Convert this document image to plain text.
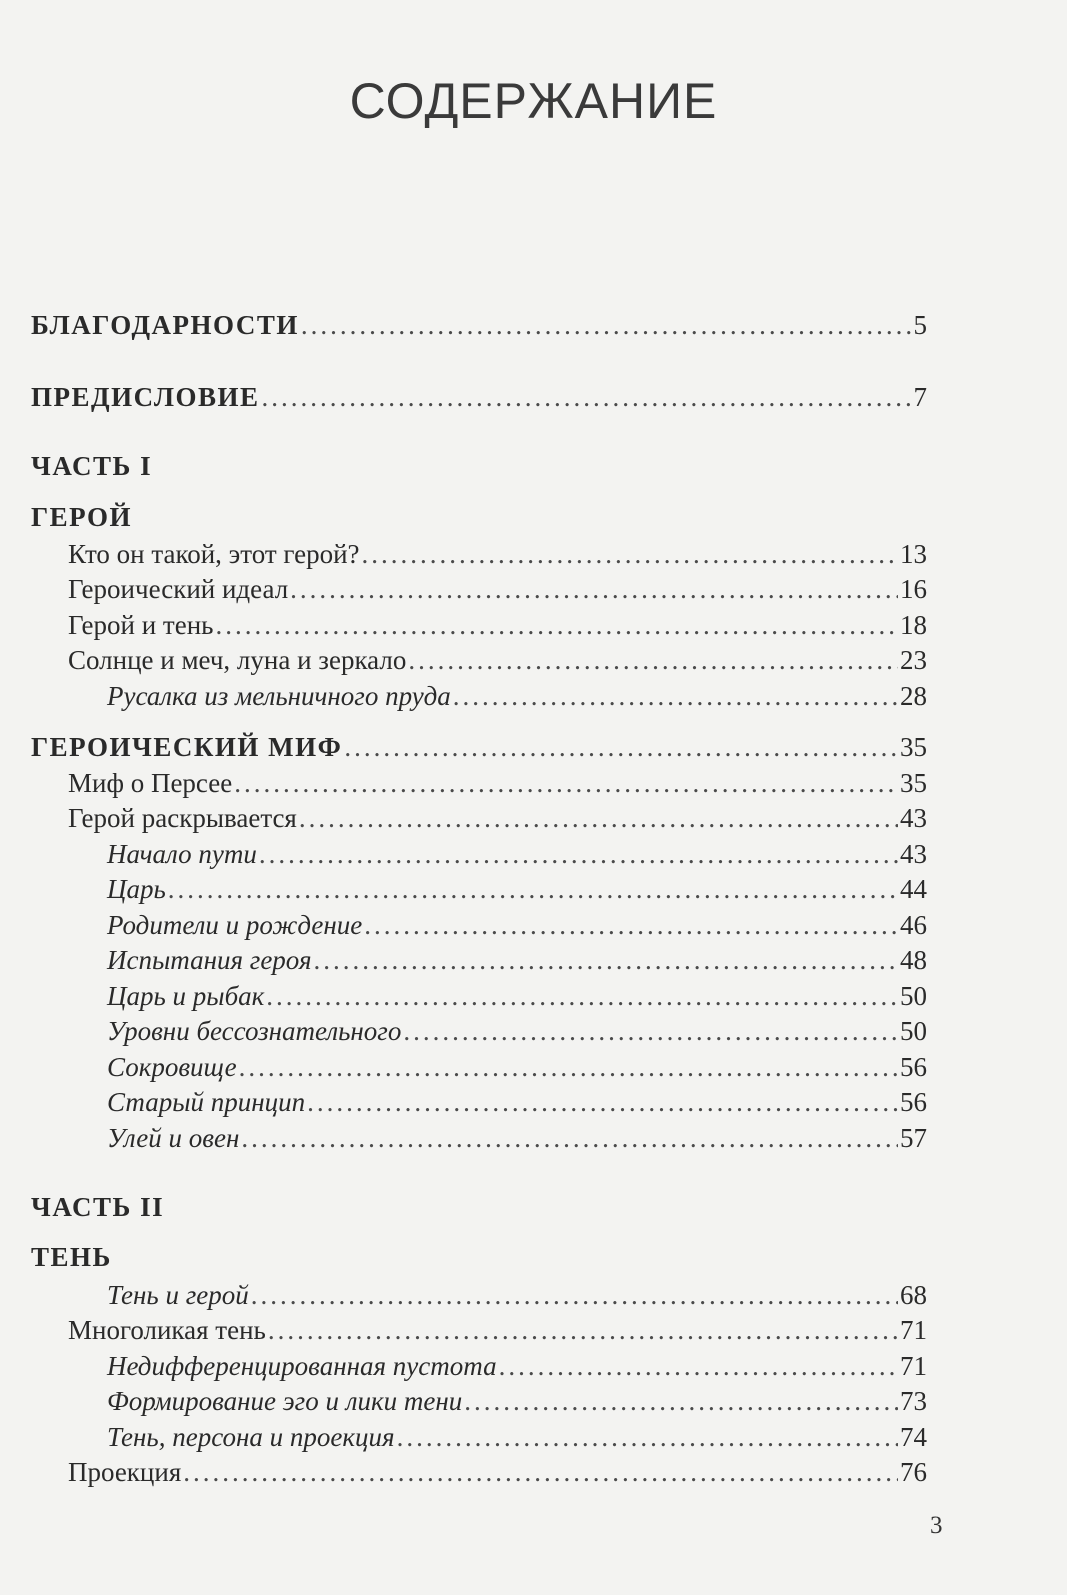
СОДЕРЖАНИЕ
БЛАГОДАРНОСТИ .....	5
ПРЕДИСЛОВИЕ .....	7
ЧАСТЬ I
ГЕРОЙ
Кто он такой, этот герой? .....	13
Героический идеал .....	16
Герой и тень .....	18
Солнце и меч, луна и зеркало .....	23
Русалка из мельничного пруда .....	28
ГЕРОИЧЕСКИЙ МИФ .....	35
Миф о Персее .....	35
Герой раскрывается .....	43
Начало пути .....	43
Царь .....	44
Родители и рождение .....	46
Испытания героя .....	48
Царь и рыбак .....	50
Уровни бессознательного .....	50
Сокровище .....	56
Старый принцип .....	56
Улей и овен .....	57
ЧАСТЬ II
ТЕНЬ
Тень и герой .....	68
Многоликая тень .....	71
Недифференцированная пустота .....	71
Формирование эго и лики тени .....	73
Тень, персона и проекция .....	74
Проекция .....	76
3
